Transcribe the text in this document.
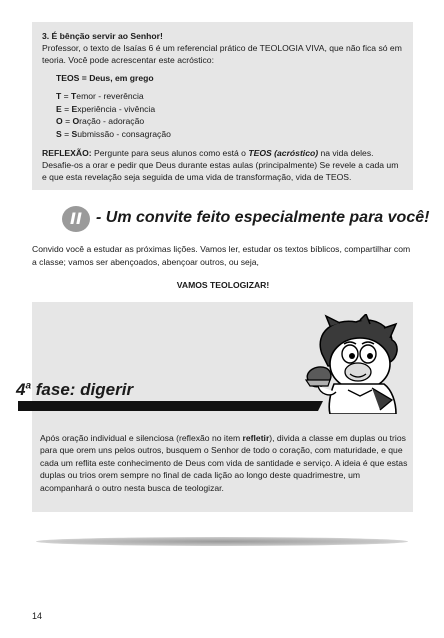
3. É bênção servir ao Senhor!

Professor, o texto de Isaías 6 é um referencial prático de TEOLOGIA VIVA, que não fica só em teoria. Você pode acrescentar este acróstico:

TEOS = Deus, em grego

T = Temor - reverência
E = Experiência - vivência
O = Oração - adoração
S = Submissão - consagração

REFLEXÃO: Pergunte para seus alunos como está o TEOS (acróstico) na vida deles. Desafie-os a orar e pedir que Deus durante estas aulas (principalmente) Se revele a cada um e que esta revelação seja seguida de uma vida de transformação, vida de TEOS.

II - Um convite feito especialmente para você!

Convido você a estudar as próximas lições. Vamos ler, estudar os textos bíblicos, compartilhar com a classe; vamos ser abençoados, abençoar outros, ou seja,

VAMOS TEOLOGIZAR!

4$^a$ fase: digerir

Após oração individual e silenciosa (reflexão no item refletir), divida a classe em duplas ou trios para que orem uns pelos outros, busquem o Senhor de todo o coração, com maturidade, e que cada um reflita este conhecimento de Deus com vida de santidade e serviço. A ideia é que estas duplas ou trios orem sempre no final de cada lição ao longo deste quadrimestre, um acompanhará o outro nesta busca de teologizar.

14
